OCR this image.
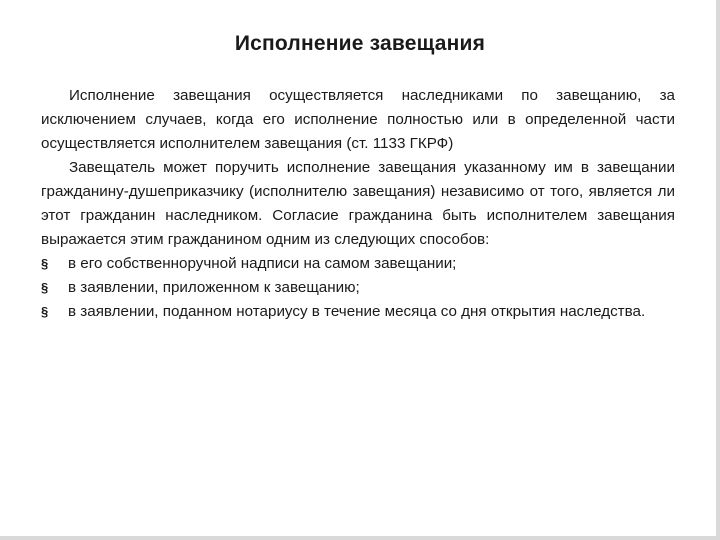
Исполнение завещания

Исполнение завещания осуществляется наследниками по завещанию, за исключением случаев, когда его исполнение полностью или в определенной части осуществляется исполнителем завещания (ст. 1133 ГКРФ)

Завещатель может поручить исполнение завещания указанному им в завещании гражданину-душеприказчику (исполнителю завещания) независимо от того, является ли этот гражданин наследником. Согласие гражданина быть исполнителем завещания выражается этим гражданином одним из следующих способов:

§ в его собственноручной надписи на самом завещании;
§ в заявлении, приложенном к завещанию;
§ в заявлении, поданном нотариусу в течение месяца со дня открытия наследства.
